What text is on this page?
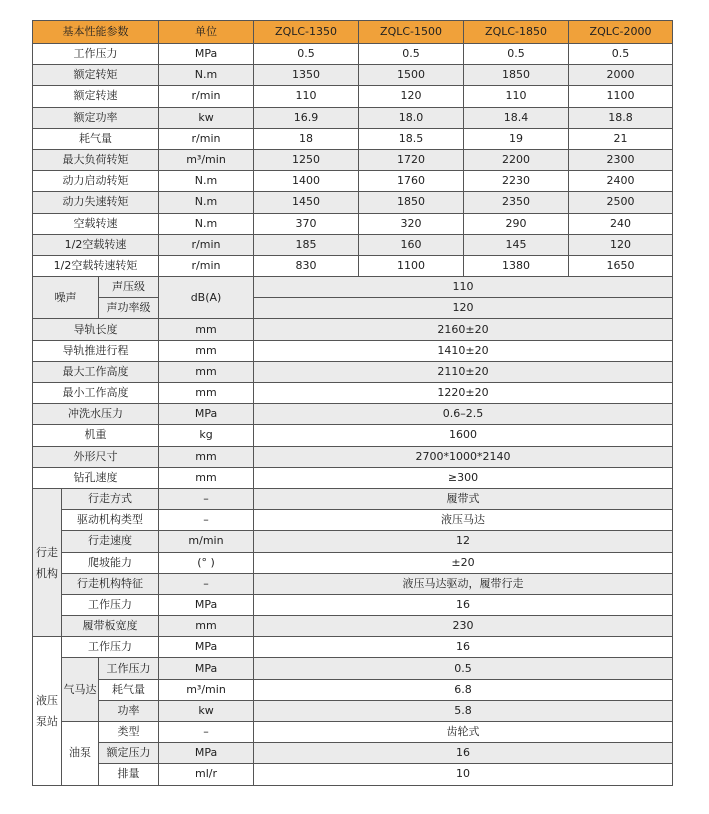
基本性能参数			单位	ZQLC-1350	ZQLC-1500	ZQLC-1850	ZQLC-2000
工作压力			MPa	0.5	0.5	0.5	0.5
额定转矩			N.m	1350	1500	1850	2000
额定转速			r/min	110	120	110	1100
额定功率			kw	16.9	18.0	18.4	18.8
耗气量			r/min	18	18.5	19	21
最大负荷转矩			m³/min	1250	1720	2200	2300
动力启动转矩			N.m	1400	1760	2230	2400
动力失速转矩			N.m	1450	1850	2350	2500
空载转速			N.m	370	320	290	240
1/2空载转速			r/min	185	160	145	120
1/2空载转速转矩			r/min	830	1100	1380	1650
噪声		声压级	dB(A)	110			
		声功率级		120			
导轨长度			mm	2160±20			
导轨推进行程			mm	1410±20			
最大工作高度			mm	2110±20			
最小工作高度			mm	1220±20			
冲洗水压力			MPa	0.6–2.5			
机重			kg	1600			
外形尺寸			mm	2700*1000*2140			
钻孔速度			mm	≥300			
行走机构	行走方式		–	履带式			
	驱动机构类型		–	液压马达			
	行走速度		m/min	12			
	爬坡能力		(° )	±20			
	行走机构特征		–	液压马达驱动，履带行走			
	工作压力		MPa	16			
	履带板宽度		mm	230			
液压泵站	工作压力		MPa	16			
	气马达	工作压力	MPa	0.5			
		耗气量	m³/min	6.8			
		功率	kw	5.8			
	油泵	类型	–	齿轮式			
		额定压力	MPa	16			
		排量	ml/r	10			
